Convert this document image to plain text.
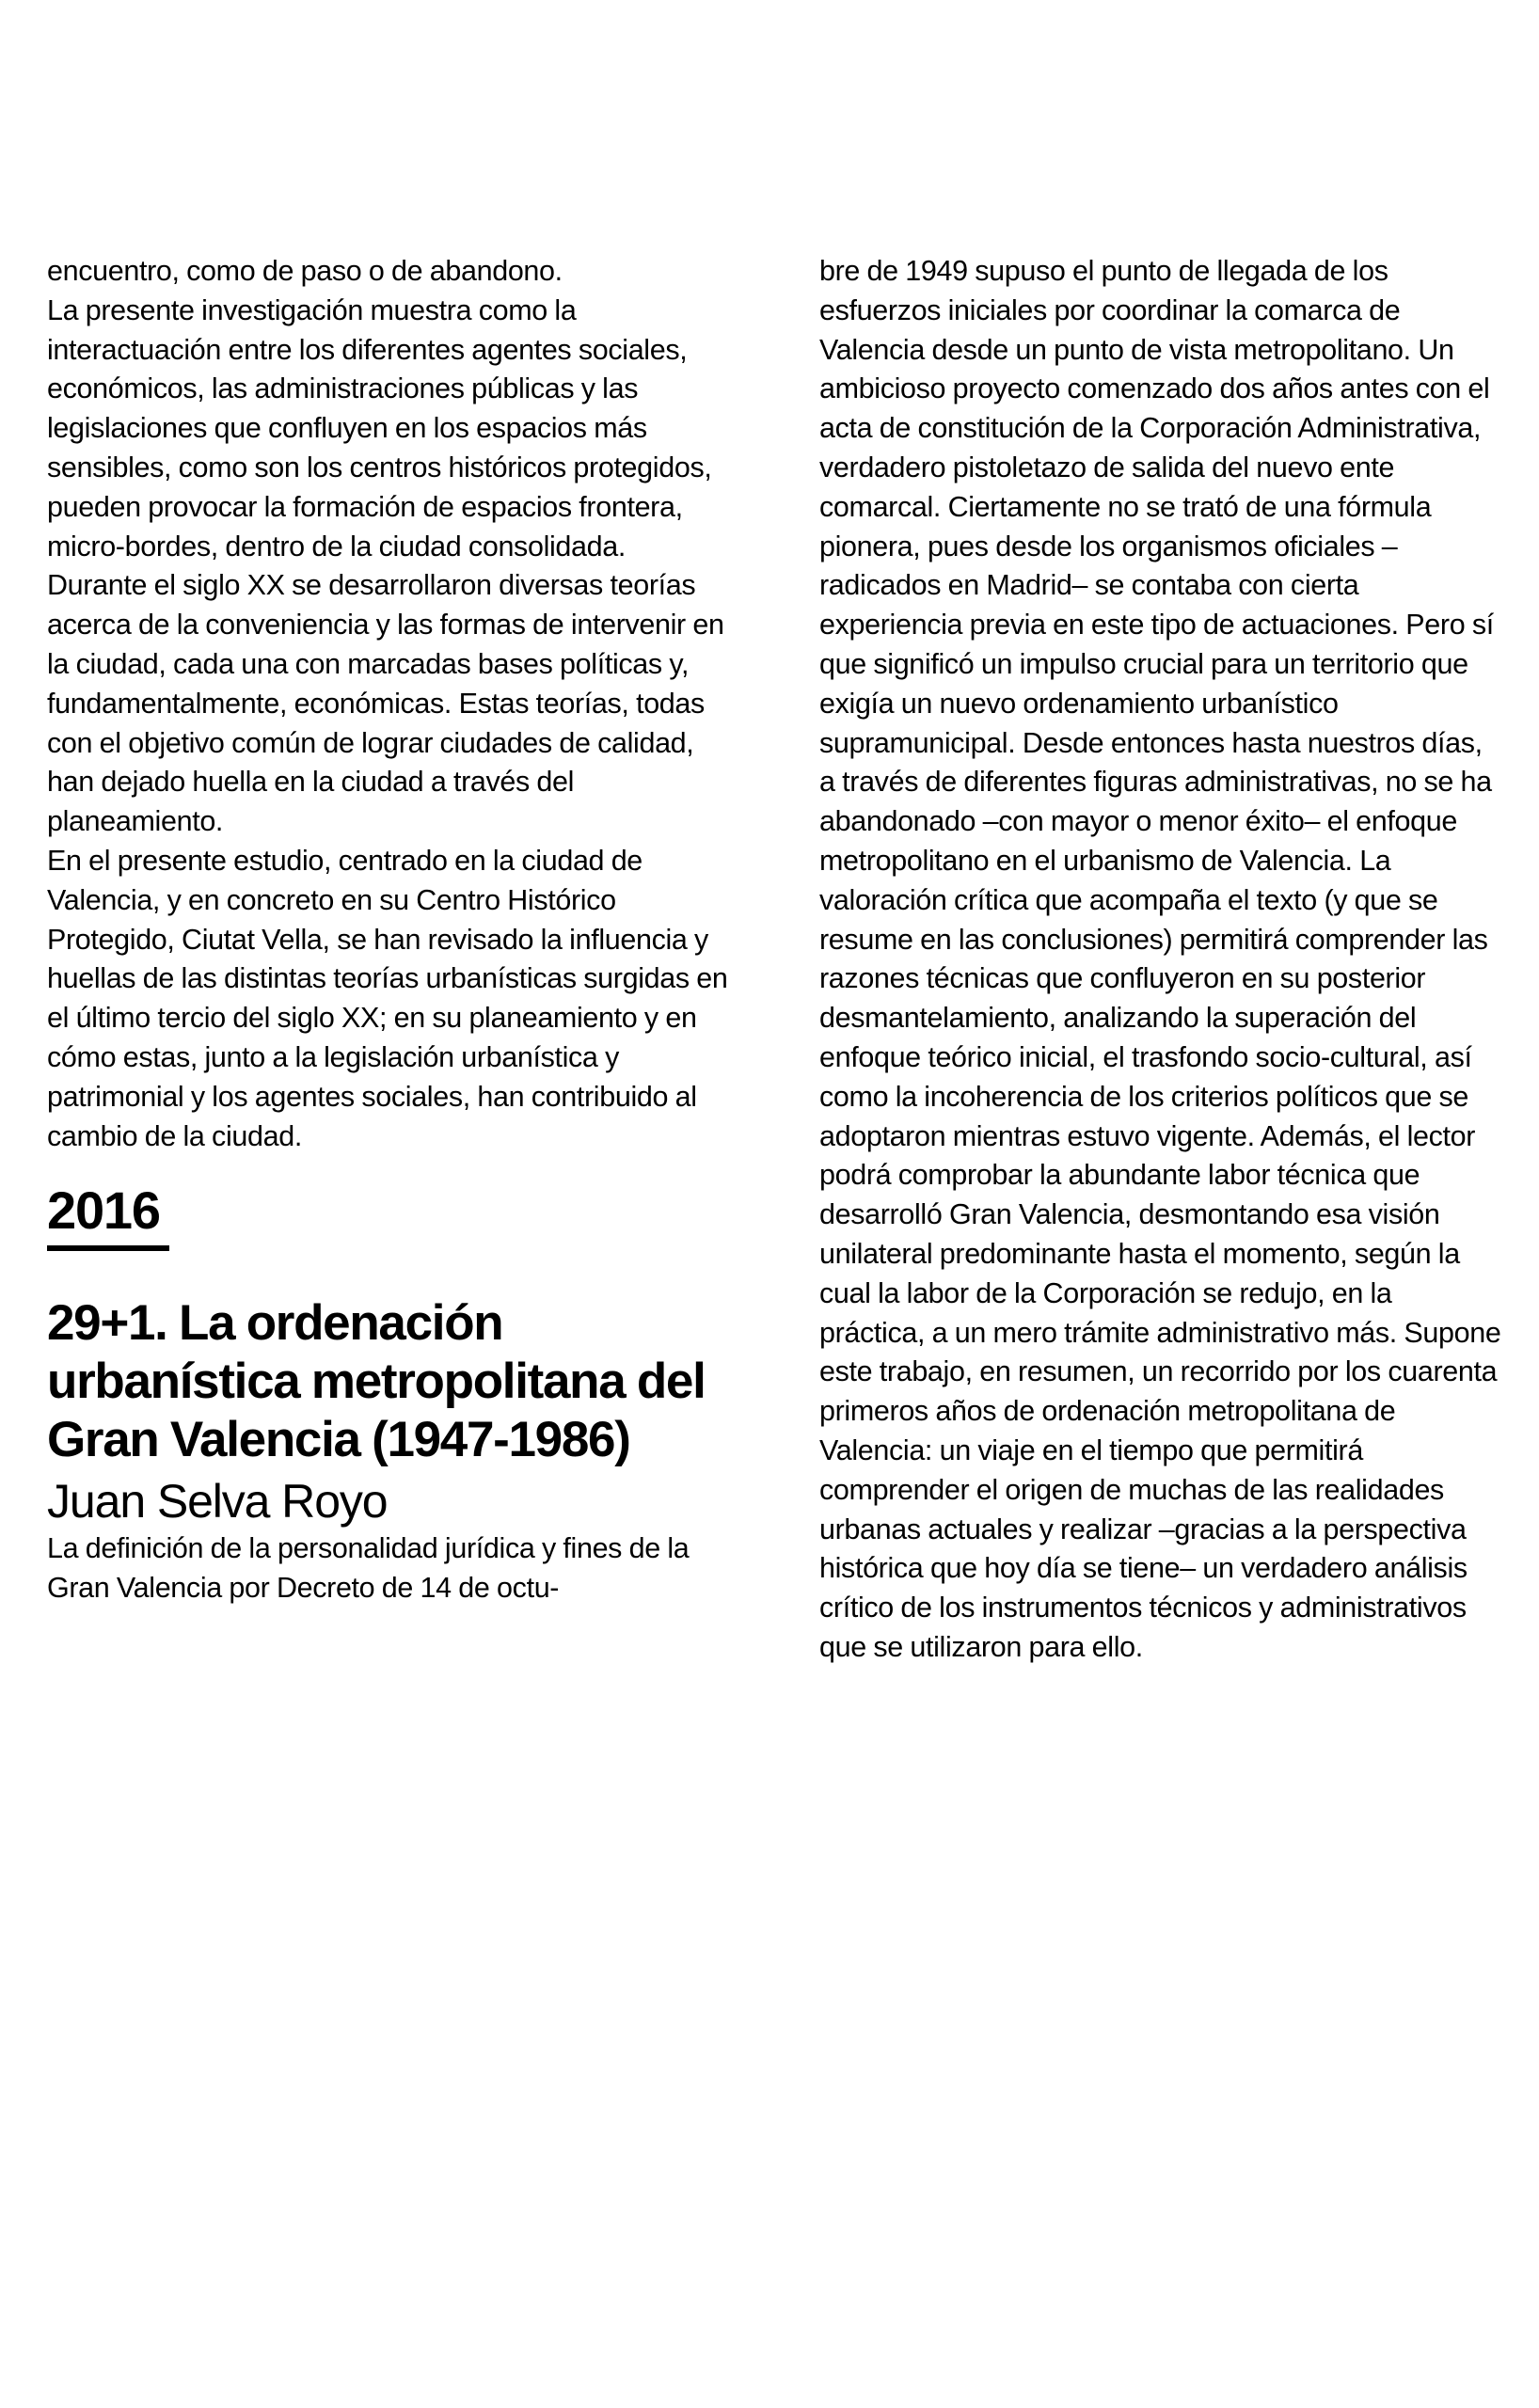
encuentro, como de paso o de abandono.

La presente investigación muestra como la interactuación entre los diferentes agentes sociales, económicos, las administraciones públicas y las legislaciones que confluyen en los espacios más sensibles, como son los centros históricos protegidos, pueden provocar la formación de espacios frontera, micro-bordes, dentro de la ciudad consolidada.

Durante el siglo XX se desarrollaron diversas teorías acerca de la conveniencia y las formas de intervenir en la ciudad, cada una con marcadas bases políticas y, fundamentalmente, económicas. Estas teorías, todas con el objetivo común de lograr ciudades de calidad, han dejado huella en la ciudad a través del planeamiento.

En el presente estudio, centrado en la ciudad de Valencia, y en concreto en su Centro Histórico Protegido, Ciutat Vella, se han revisado la influencia y huellas de las distintas teorías urbanísticas surgidas en el último tercio del siglo XX; en su planeamiento y en cómo estas, junto a la legislación urbanística y patrimonial y los agentes sociales, han contribuido al cambio de la ciudad.

2016
29+1. La ordenación urbanística metropolitana del Gran Valencia (1947-1986)
Juan Selva Royo

La definición de la personalidad jurídica y fines de la Gran Valencia por Decreto de 14 de octu-

bre de 1949 supuso el punto de llegada de los esfuerzos iniciales por coordinar la comarca de Valencia desde un punto de vista metropolitano. Un ambicioso proyecto comenzado dos años antes con el acta de constitución de la Corporación Administrativa, verdadero pistoletazo de salida del nuevo ente comarcal. Ciertamente no se trató de una fórmula pionera, pues desde los organismos oficiales – radicados en Madrid– se contaba con cierta experiencia previa en este tipo de actuaciones. Pero sí que significó un impulso crucial para un territorio que exigía un nuevo ordenamiento urbanístico supramunicipal. Desde entonces hasta nuestros días, a través de diferentes figuras administrativas, no se ha abandonado –con mayor o menor éxito– el enfoque metropolitano en el urbanismo de Valencia. La valoración crítica que acompaña el texto (y que se resume en las conclusiones) permitirá comprender las razones técnicas que confluyeron en su posterior desmantelamiento, analizando la superación del enfoque teórico inicial, el trasfondo socio-cultural, así como la incoherencia de los criterios políticos que se adoptaron mientras estuvo vigente. Además, el lector podrá comprobar la abundante labor técnica que desarrolló Gran Valencia, desmontando esa visión unilateral predominante hasta el momento, según la cual la labor de la Corporación se redujo, en la práctica, a un mero trámite administrativo más. Supone este trabajo, en resumen, un recorrido por los cuarenta primeros años de ordenación metropolitana de Valencia: un viaje en el tiempo que permitirá comprender el origen de muchas de las realidades urbanas actuales y realizar –gracias a la perspectiva histórica que hoy día se tiene– un verdadero análisis crítico de los instrumentos técnicos y administrativos que se utilizaron para ello.
